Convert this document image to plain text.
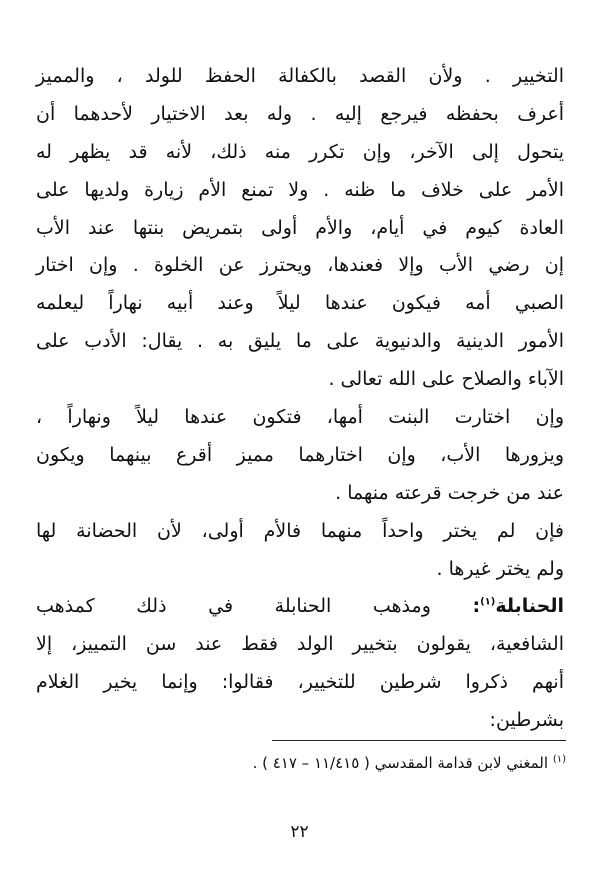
التخيير . ولأن القصد بالكفالة الحفظ للولد ، والمميز
أعرف بحفظه فيرجع إليه . وله بعد الاختيار لأحدهما أن
يتحول إلى الآخر، وإن تكرر منه ذلك، لأنه قد يظهر له
الأمر على خلاف ما ظنه . ولا تمنع الأم زيارة ولديها على
العادة كيوم في أيام، والأم أولى بتمريض بنتها عند الأب
إن رضي الأب وإلا فعندها، ويحترز عن الخلوة . وإن اختار
الصبي أمه فيكون عندها ليلاً وعند أبيه نهاراً ليعلمه
الأمور الدينية والدنيوية على ما يليق به . يقال: الأدب على
الآباء والصلاح على الله تعالى .
وإن اختارت البنت أمها، فتكون عندها ليلاً ونهاراً ،
ويزورها الأب، وإن اختارهما مميز أقرع بينهما ويكون
عند من خرجت قرعته منهما .
فإن لم يختر واحداً منهما فالأم أولى، لأن الحضانة لها
ولم يختر غيرها .
الحنابلة$^{(١)}$: ومذهب الحنابلة في ذلك كمذهب
الشافعية، يقولون بتخيير الولد فقط عند سن التمييز، إلا
أنهم ذكروا شرطين للتخيير، فقالوا: وإنما يخير الغلام
بشرطين:
$^{(١)}$ المغني لابن قدامة المقدسي ( ١١/٤١٥ – ٤١٧ ) .
٢٢
